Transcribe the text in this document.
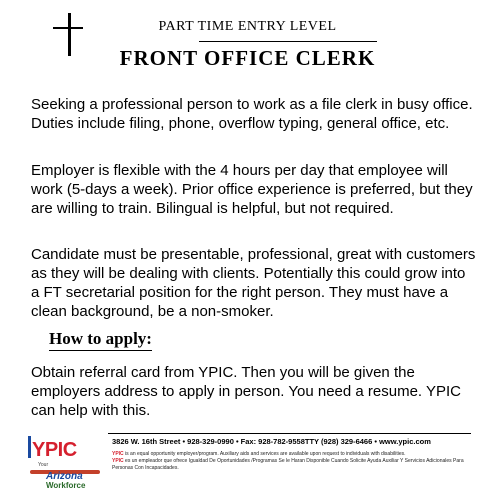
PART TIME ENTRY LEVEL
FRONT OFFICE CLERK

Seeking a professional person to work as a file clerk in busy office. Duties include filing, phone, overflow typing, general office, etc.

Employer is flexible with the 4 hours per day that employee will work (5-days a week). Prior office experience is preferred, but they are willing to train. Bilingual is helpful, but not required.

Candidate must be presentable, professional, great with customers as they will be dealing with clients. Potentially this could grow into a FT secretarial position for the right person. They must have a clean background, be a non-smoker.

How to apply:

Obtain referral card from YPIC. Then you will be given the employers address to apply in person. You need a resume. YPIC can help with this.

YPIC
Your
Arizona
Workforce
3826 W. 16th Street • 928-329-0990 • Fax: 928-782-9558TTY (928) 329-6466 • www.ypic.com

YPIC is an equal opportunity employer/program. Auxiliary aids and services are available upon request to individuals with disabilities.

YPIC es un empleador que ofrece Igualdad De Oportunidades /Programas Se le Haran Disponible Cuando Solicite Ayuda Auxiliar Y Servicios Adicionales Para Personas Con Incapacidades.
